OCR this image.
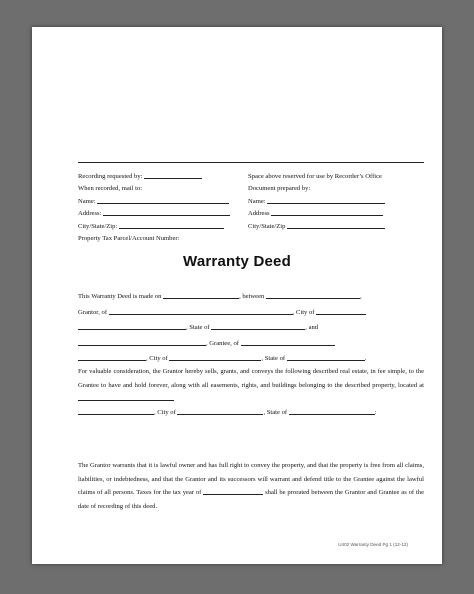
Recording requested by:
When recorded, mail to:
Name:
Address:
City/State/Zip:
Property Tax Parcel/Account Number:
Space above reserved for use by Recorder’s Office
Document prepared by:
Name:
Address
City/State/Zip
Warranty Deed
This Warranty Deed is made on	, between	,
Grantor, of	, City of
, State of	, and
, Grantee, of
, City of	, State of	.
For valuable consideration, the Grantor hereby sells, grants, and conveys the following described real estate, in fee simple, to the Grantee to have and hold forever, along with all easements, rights, and buildings belonging to the described property, located at
, City of	, State of	:
The Grantor warrants that it is lawful owner and has full right to convey the property, and that the property is free from all claims, liabilities, or indebtedness, and that the Grantor and its successors will warrant and defend title to the Grantee against the lawful claims of all persons. Taxes for the tax year of	shall be prorated between the Grantor and Grantee as of the date of recording of this deed.
U402 Warranty Deed Pg 1 (12-12)
